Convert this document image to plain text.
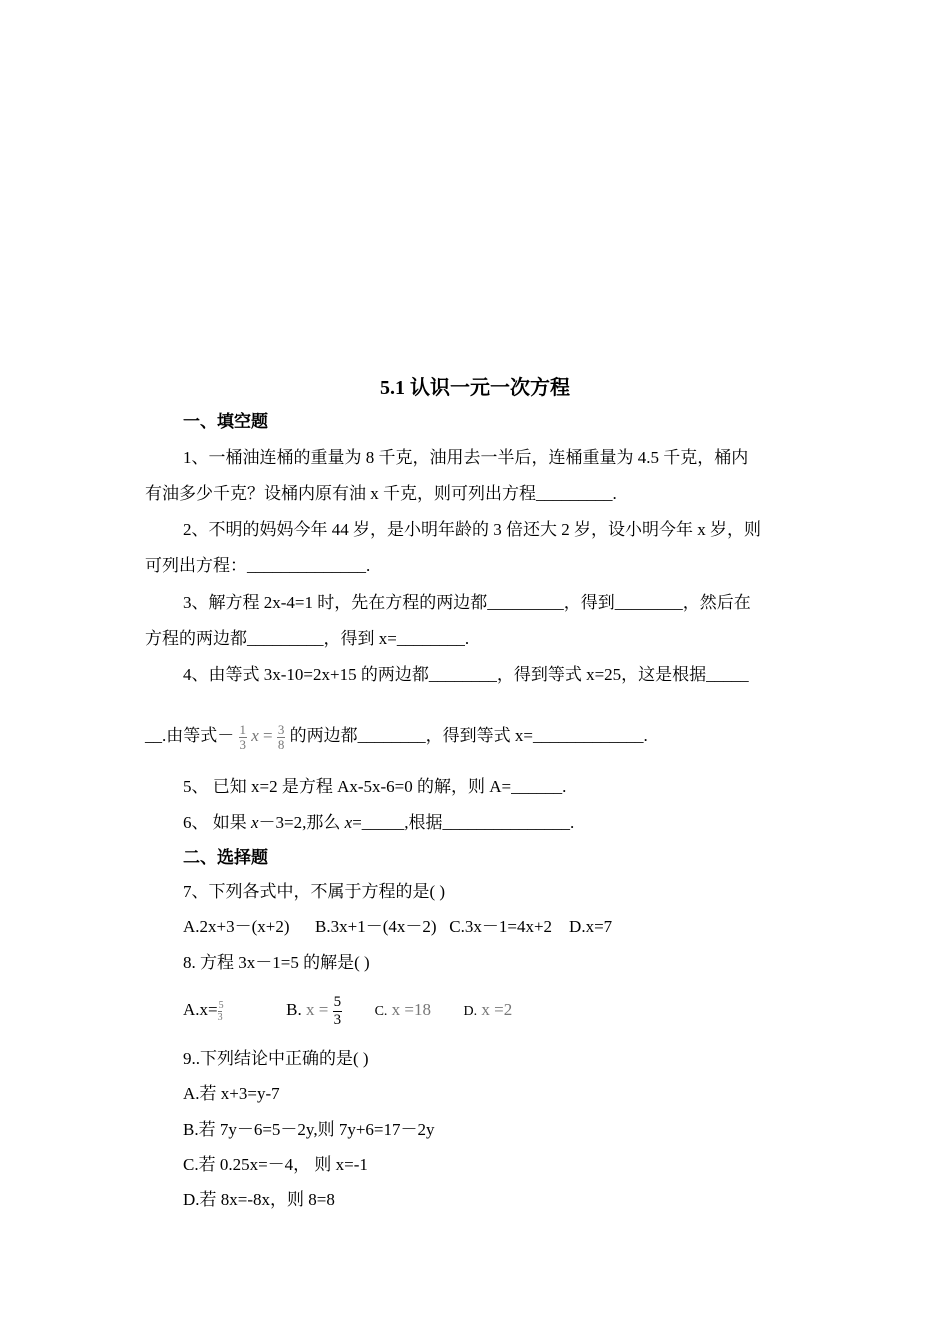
5.1 认识一元一次方程
一、填空题
1、一桶油连桶的重量为 8 千克，油用去一半后，连桶重量为 4.5 千克，桶内
有油多少千克？设桶内原有油 x 千克，则可列出方程_________.
2、不明的妈妈今年 44 岁，是小明年龄的 3 倍还大 2 岁，设小明今年 x 岁，则
可列出方程：______________.
3、解方程 2x-4=1 时，先在方程的两边都_________，得到________，然后在
方程的两边都_________，得到 x=________.
4、由等式 3x-10=2x+15 的两边都________，得到等式 x=25，这是根据_____
__.由等式－ $\frac{1}{3}$ $x = \frac{3}{8}$ 的两边都________，得到等式 x=_____________.
5、 已知 x=2 是方程 Ax-5x-6=0 的解，则 A=______.
6、 如果 x－3=2,那么 x=_____,根据_______________.
二、选择题
7、下列各式中，不属于方程的是( )
A.2x+3－(x+2)      B.3x+1－(4x－2)   C.3x－1=4x+2    D.x=7
8. 方程 3x－1=5 的解是( )
$A.x= \frac{5}{3}$	B. $x = \frac{5}{3} C$. x =18 D. x =2
9..下列结论中正确的是( )
A.若 x+3=y-7
B.若 7y－6=5－2y,则 7y+6=17－2y
C.若 0.25x=－4， 则 x=-1
D.若 8x=-8x，则 8=8
